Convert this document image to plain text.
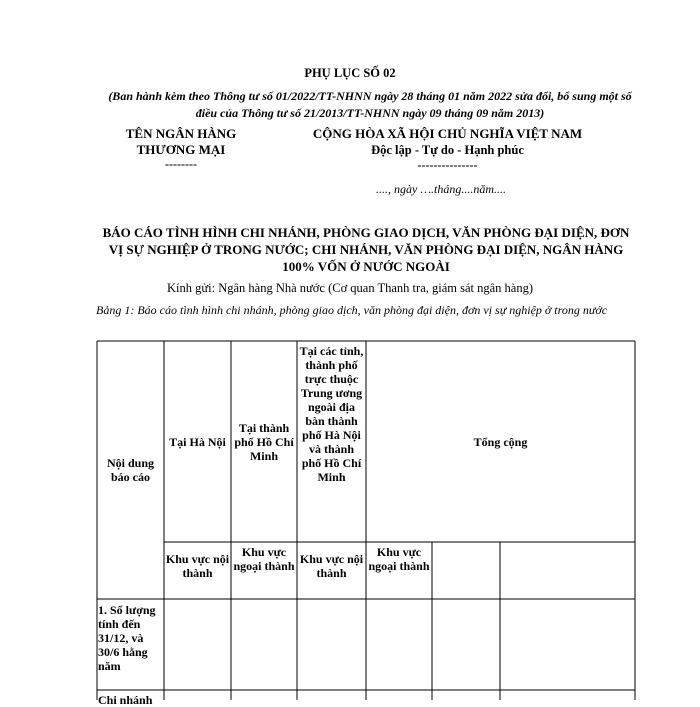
PHỤ LỤC SỐ 02
(Ban hành kèm theo Thông tư số 01/2022/TT-NHNN ngày 28 tháng 01 năm 2022 sửa đổi, bổ sung một số điều của Thông tư số 21/2013/TT-NHNN ngày 09 tháng 09 năm 2013)
TÊN NGÂN HÀNG
THƯƠNG MẠI
--------
CỘNG HÒA XÃ HỘI CHỦ NGHĨA VIỆT NAM
Độc lập - Tự do - Hạnh phúc
---------------
...., ngày ….tháng....năm....
BÁO CÁO TÌNH HÌNH CHI NHÁNH, PHÒNG GIAO DỊCH, VĂN PHÒNG ĐẠI DIỆN, ĐƠN VỊ SỰ NGHIỆP Ở TRONG NƯỚC; CHI NHÁNH, VĂN PHÒNG ĐẠI DIỆN, NGÂN HÀNG 100% VỐN Ở NƯỚC NGOÀI
Kính gửi: Ngân hàng Nhà nước (Cơ quan Thanh tra, giám sát ngân hàng)
Bảng 1: Báo cáo tình hình chi nhánh, phòng giao dịch, văn phòng đại diện, đơn vị sự nghiệp ở trong nước
Nội dung báo cáo
Tại Hà Nội
Tại thành phố Hồ Chí Minh
Tại các tỉnh, thành phố trực thuộc Trung ương ngoài địa bàn thành phố Hà Nội và thành phố Hồ Chí Minh
Tổng cộng
Khu vực nội thành
Khu vực ngoại thành Khu vực nội thành
Khu vực ngoại thành
1. Số lượng tính đến 31/12, và 30/6 hằng năm
Chi nhánh
